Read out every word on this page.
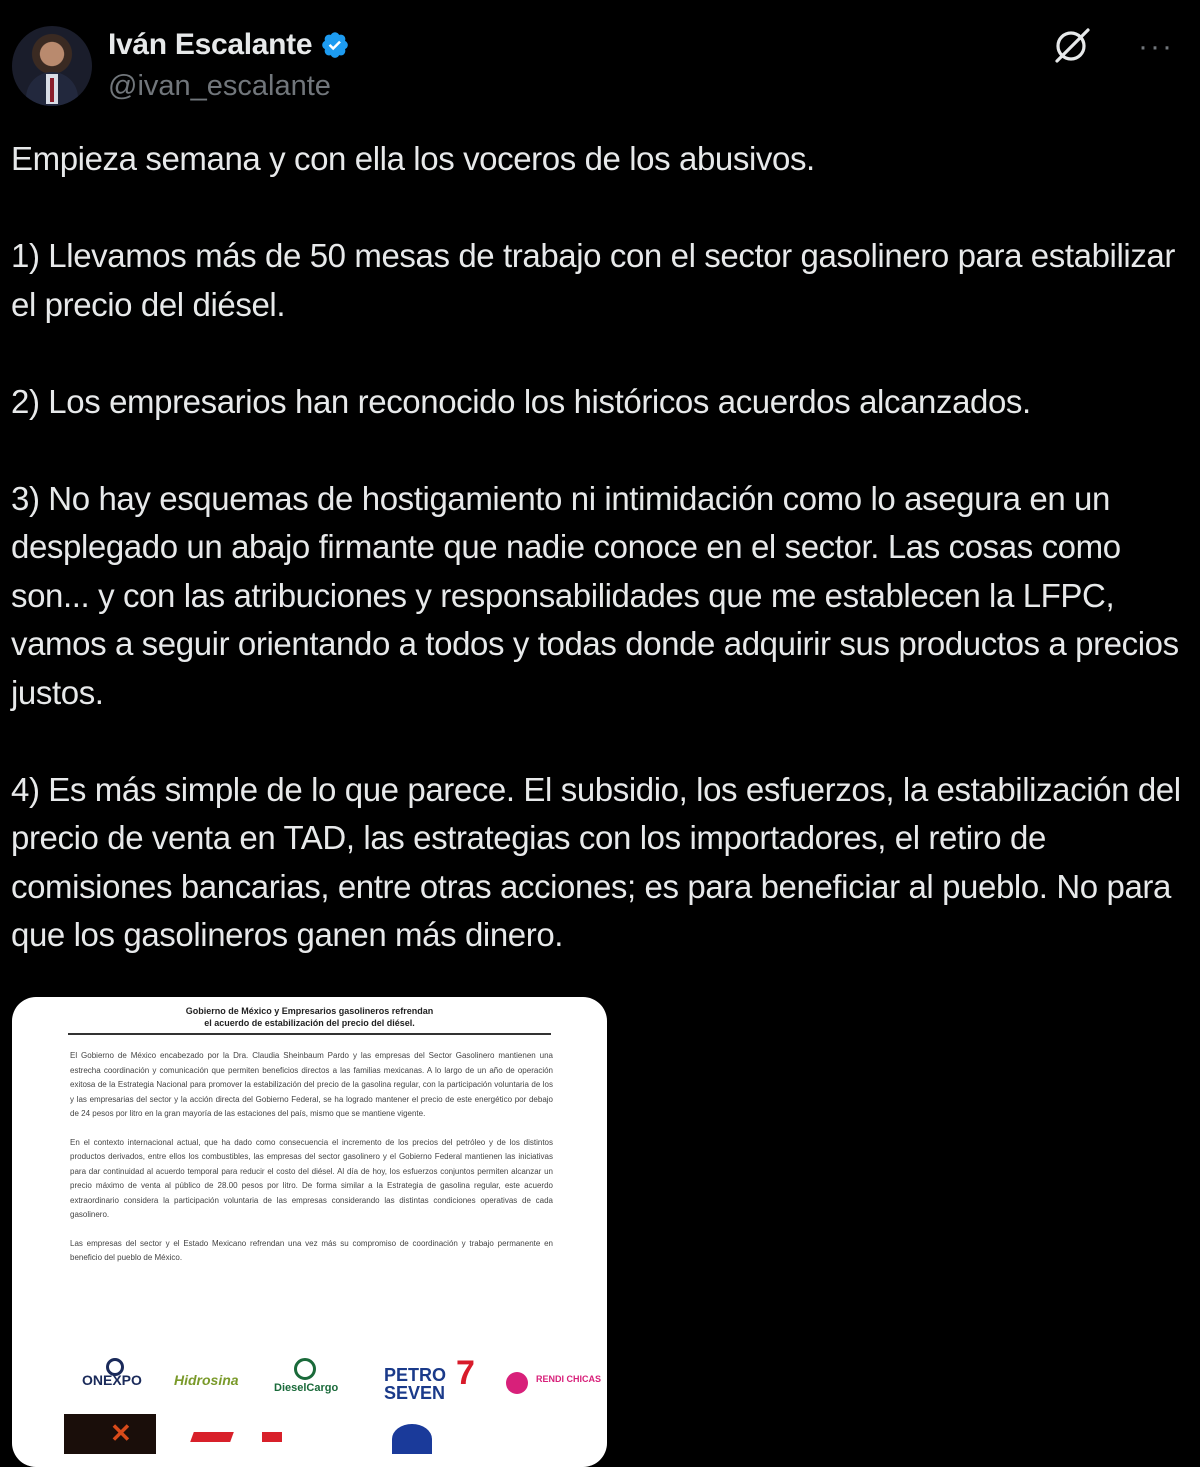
Iván Escalante
@ivan_escalante
···

Empieza semana y con ella los voceros de los abusivos.

1) Llevamos más de 50 mesas de trabajo con el sector gasolinero para estabilizar el precio del diésel.

2) Los empresarios han reconocido los históricos acuerdos alcanzados.

3) No hay esquemas de hostigamiento ni intimidación como lo asegura en un desplegado un abajo firmante que nadie conoce en el sector. Las cosas como son... y con las atribuciones y responsabilidades que me establecen la LFPC, vamos a seguir orientando a todos y todas donde adquirir sus productos a precios justos.

4) Es más simple de lo que parece. El subsidio, los esfuerzos, la estabilización del precio de venta en TAD, las estrategias con los importadores, el retiro de comisiones bancarias, entre otras acciones; es para beneficiar al pueblo. No para que los gasolineros ganen más dinero.

Gobierno de México y Empresarios gasolineros refrendan
el acuerdo de estabilización del precio del diésel.
El Gobierno de México encabezado por la Dra. Claudia Sheinbaum Pardo y las empresas del Sector Gasolinero mantienen una estrecha coordinación y comunicación que permiten beneficios directos a las familias mexicanas. A lo largo de un año de operación exitosa de la Estrategia Nacional para promover la estabilización del precio de la gasolina regular, con la participación voluntaria de los y las empresarias del sector y la acción directa del Gobierno Federal, se ha logrado mantener el precio de este energético por debajo de 24 pesos por litro en la gran mayoría de las estaciones del país, mismo que se mantiene vigente.
En el contexto internacional actual, que ha dado como consecuencia el incremento de los precios del petróleo y de los distintos productos derivados, entre ellos los combustibles, las empresas del sector gasolinero y el Gobierno Federal mantienen las iniciativas para dar continuidad al acuerdo temporal para reducir el costo del diésel. Al día de hoy, los esfuerzos conjuntos permiten alcanzar un precio máximo de venta al público de 28.00 pesos por litro. De forma similar a la Estrategia de gasolina regular, este acuerdo extraordinario considera la participación voluntaria de las empresas considerando las distintas condiciones operativas de cada gasolinero.
Las empresas del sector y el Estado Mexicano refrendan una vez más su compromiso de coordinación y trabajo permanente en beneficio del pueblo de México.
ONEXPO Hidrosina	DieselCargo
PETRO
SEVEN
7	RENDI CHICAS
✕
